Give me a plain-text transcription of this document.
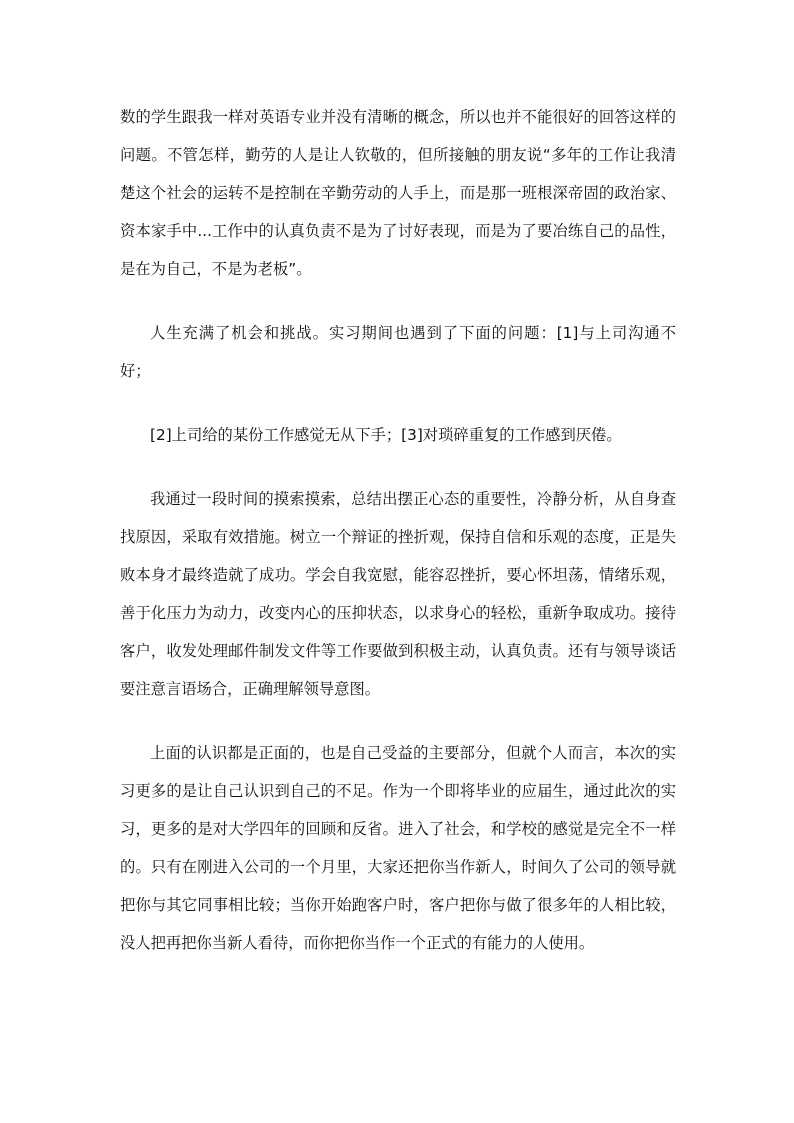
数的学生跟我一样对英语专业并没有清晰的概念，所以也并不能很好的回答这样的问题。不管怎样，勤劳的人是让人钦敬的，但所接触的朋友说“多年的工作让我清楚这个社会的运转不是控制在辛勤劳动的人手上，而是那一班根深帝固的政治家、资本家手中...工作中的认真负责不是为了讨好表现，而是为了要冶练自己的品性，是在为自己，不是为老板”。

人生充满了机会和挑战。实习期间也遇到了下面的问题：[1]与上司沟通不好；

[2]上司给的某份工作感觉无从下手；[3]对琐碎重复的工作感到厌倦。

我通过一段时间的摸索摸索，总结出摆正心态的重要性，冷静分析，从自身查找原因，采取有效措施。树立一个辩证的挫折观，保持自信和乐观的态度，正是失败本身才最终造就了成功。学会自我宽慰，能容忍挫折，要心怀坦荡，情绪乐观，善于化压力为动力，改变内心的压抑状态，以求身心的轻松，重新争取成功。接待客户，收发处理邮件制发文件等工作要做到积极主动，认真负责。还有与领导谈话要注意言语场合，正确理解领导意图。

上面的认识都是正面的，也是自己受益的主要部分，但就个人而言，本次的实习更多的是让自己认识到自己的不足。作为一个即将毕业的应届生，通过此次的实习，更多的是对大学四年的回顾和反省。进入了社会，和学校的感觉是完全不一样的。只有在刚进入公司的一个月里，大家还把你当作新人，时间久了公司的领导就把你与其它同事相比较；当你开始跑客户时，客户把你与做了很多年的人相比较，没人把再把你当新人看待，而你把你当作一个正式的有能力的人使用。
